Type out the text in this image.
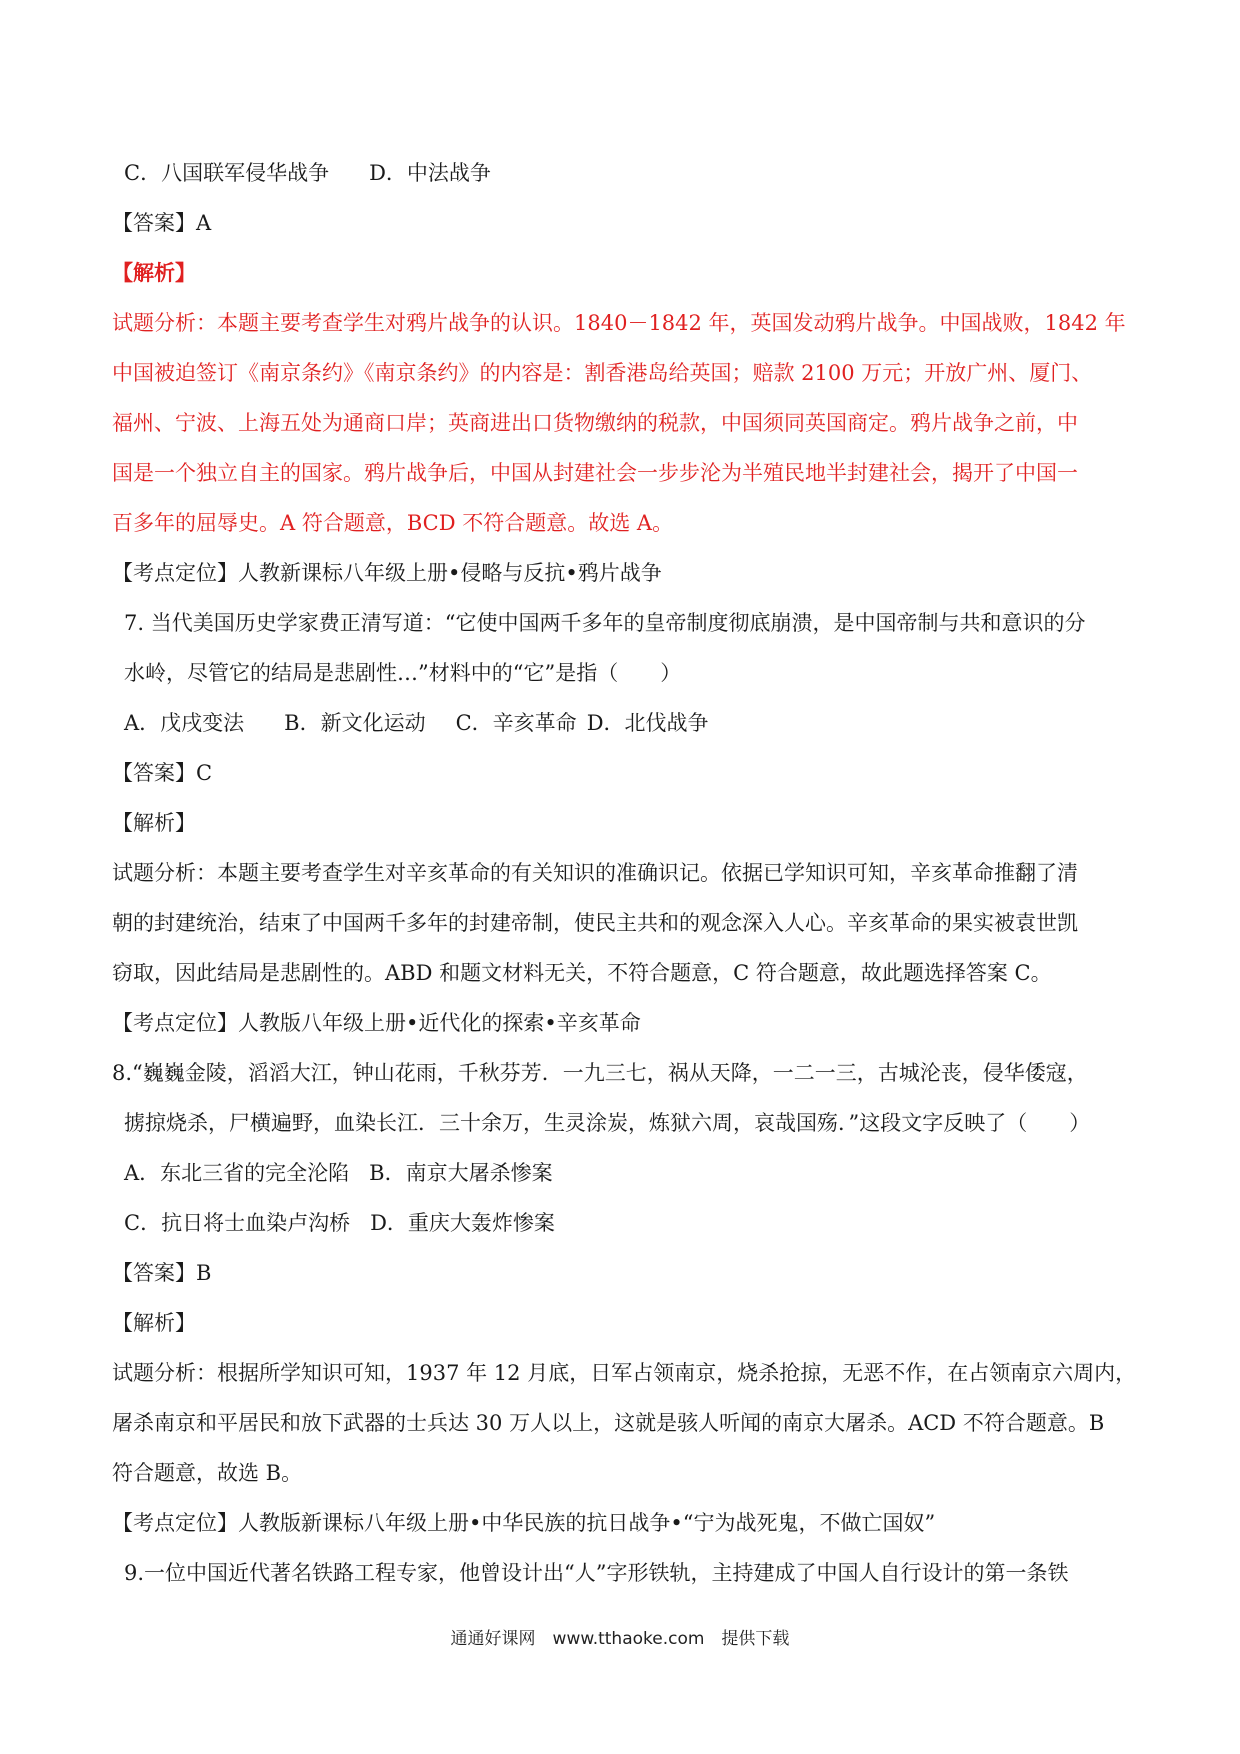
C．八国联军侵华战争 D．中法战争
【答案】A
【解析】
试题分析：本题主要考查学生对鸦片战争的认识。1840－1842 年，英国发动鸦片战争。中国战败，1842 年
中国被迫签订《南京条约》《南京条约》的内容是：割香港岛给英国；赔款 2100 万元；开放广州、厦门、
福州、宁波、上海五处为通商口岸；英商进出口货物缴纳的税款，中国须同英国商定。鸦片战争之前，中
国是一个独立自主的国家。鸦片战争后，中国从封建社会一步步沦为半殖民地半封建社会，揭开了中国一
百多年的屈辱史。A 符合题意，BCD 不符合题意。故选 A。
【考点定位】人教新课标八年级上册•侵略与反抗•鸦片战争
7. 当代美国历史学家费正清写道：“它使中国两千多年的皇帝制度彻底崩溃，是中国帝制与共和意识的分
水岭，尽管它的结局是悲剧性…”材料中的“它”是指（　　）
A．戊戌变法 B．新文化运动 C．辛亥革命 D．北伐战争
【答案】C
【解析】
试题分析：本题主要考查学生对辛亥革命的有关知识的准确识记。依据已学知识可知，辛亥革命推翻了清
朝的封建统治，结束了中国两千多年的封建帝制，使民主共和的观念深入人心。辛亥革命的果实被袁世凯
窃取，因此结局是悲剧性的。ABD 和题文材料无关，不符合题意，C 符合题意，故此题选择答案 C。
【考点定位】人教版八年级上册•近代化的探索•辛亥革命
8.“巍巍金陵，滔滔大江，钟山花雨，千秋芬芳．一九三七，祸从天降，一二一三，古城沦丧，侵华倭寇，
掳掠烧杀，尸横遍野，血染长江．三十余万，生灵涂炭，炼狱六周，哀哉国殇．”这段文字反映了（　　）
A．东北三省的完全沦陷 B．南京大屠杀惨案
C．抗日将士血染卢沟桥 D．重庆大轰炸惨案
【答案】B
【解析】
试题分析：根据所学知识可知，1937 年 12 月底，日军占领南京，烧杀抢掠，无恶不作，在占领南京六周内，
屠杀南京和平居民和放下武器的士兵达 30 万人以上，这就是骇人听闻的南京大屠杀。ACD 不符合题意。B
符合题意，故选 B。
【考点定位】人教版新课标八年级上册•中华民族的抗日战争•“宁为战死鬼，不做亡国奴”
9.一位中国近代著名铁路工程专家，他曾设计出“人”字形铁轨，主持建成了中国人自行设计的第一条铁
通通好课网　www.tthaoke.com　提供下载
